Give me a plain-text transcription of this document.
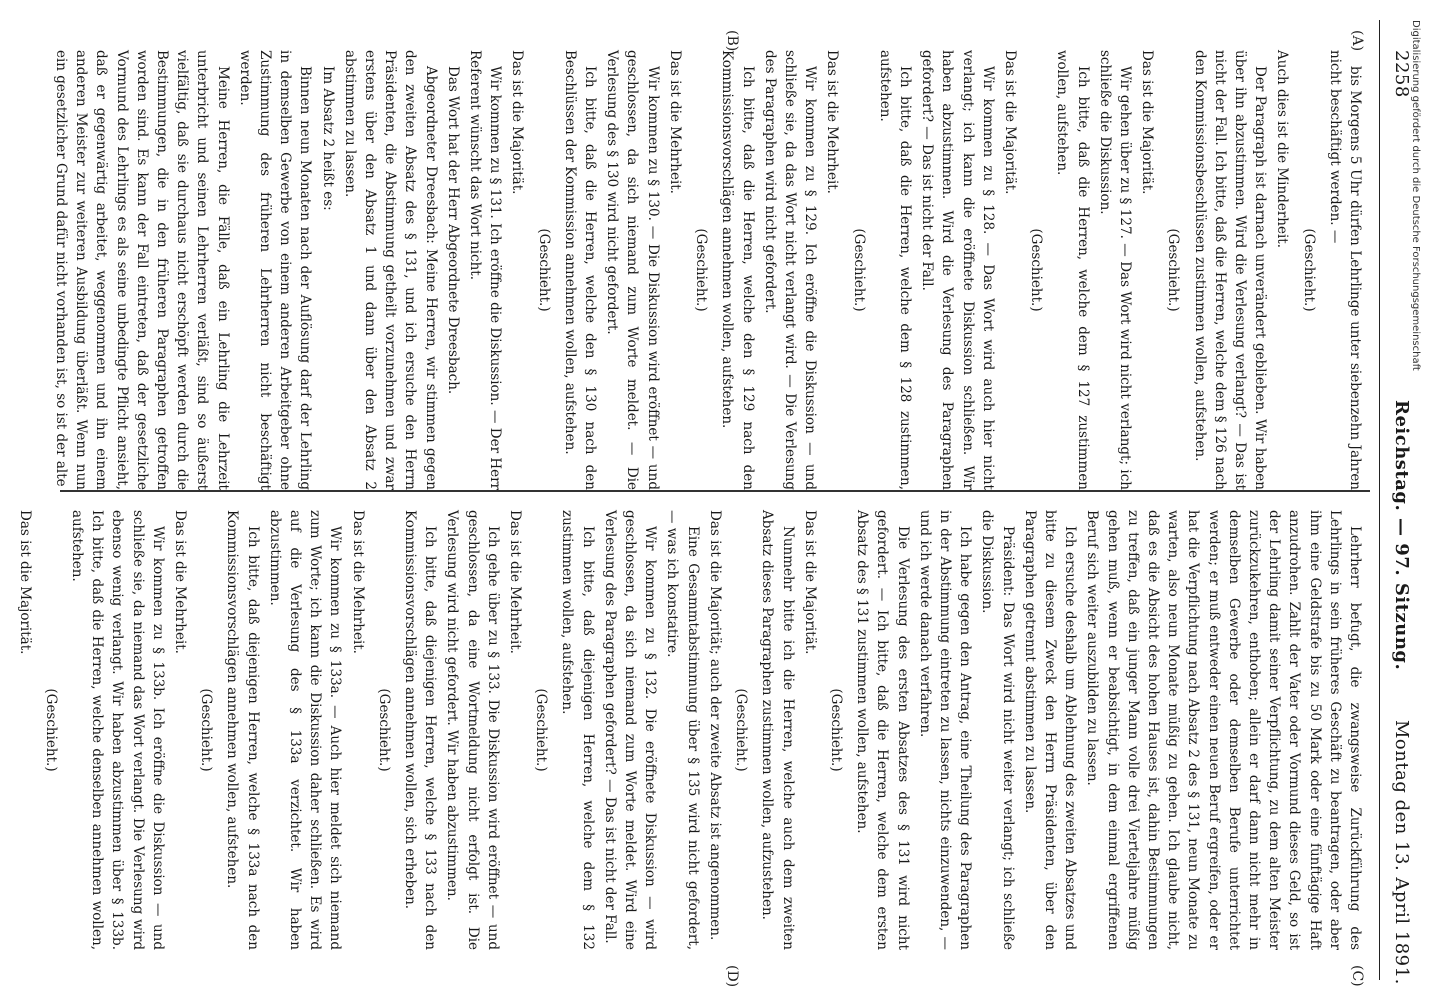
2258
Reichstag. — 97. Sitzung.
Montag den 13. April 1891.
(A)
(B)
(C)
(D)

bis Morgens 5 Uhr dürfen Lehrlinge unter siebenzehn Jahren nicht beschäftigt werden. —

(Geschieht.)

Auch dies ist die Minderheit.

Der Paragraph ist darnach unverändert geblieben. Wir haben über ihn abzustimmen. Wird die Verlesung verlangt? — Das ist nicht der Fall. Ich bitte, daß die Herren, welche dem § 126 nach den Kommissionsbeschlüssen zustimmen wollen, aufstehen.

(Geschieht.)

Das ist die Majorität.

Wir gehen über zu § 127. — Das Wort wird nicht verlangt; ich schließe die Diskussion.

Ich bitte, daß die Herren, welche dem § 127 zustimmen wollen, aufstehen.

(Geschieht.)

Das ist die Majorität.

Wir kommen zu § 128. — Das Wort wird auch hier nicht verlangt; ich kann die eröffnete Diskussion schließen. Wir haben abzustimmen. Wird die Verlesung des Paragraphen gefordert? — Das ist nicht der Fall.

Ich bitte, daß die Herren, welche dem § 128 zustimmen, aufstehen.

(Geschieht.)

Das ist die Mehrheit.

Wir kommen zu § 129. Ich eröffne die Diskussion — und schließe sie, da das Wort nicht verlangt wird. — Die Verlesung des Paragraphen wird nicht gefordert.

Ich bitte, daß die Herren, welche den § 129 nach den Kommissionsvorschlägen annehmen wollen, aufstehen.

(Geschieht.)

Das ist die Mehrheit.

Wir kommen zu § 130. — Die Diskussion wird eröffnet — und geschlossen, da sich niemand zum Worte meldet. — Die Verlesung des § 130 wird nicht gefordert.

Ich bitte, daß die Herren, welche den § 130 nach den Beschlüssen der Kommission annehmen wollen, aufstehen.

(Geschieht.)

Das ist die Majorität.

Wir kommen zu § 131. Ich eröffne die Diskussion. — Der Herr Referent wünscht das Wort nicht.

Das Wort hat der Herr Abgeordnete Dreesbach.

Abgeordneter Dreesbach: Meine Herren, wir stimmen gegen den zweiten Absatz des § 131, und ich ersuche den Herrn Präsidenten, die Abstimmung getheilt vorzunehmen und zwar erstens über den Absatz 1 und dann über den Absatz 2 abstimmen zu lassen.

Im Absatz 2 heißt es:

Binnen neun Monaten nach der Auflösung darf der Lehrling in demselben Gewerbe von einem anderen Arbeitgeber ohne Zustimmung des früheren Lehrherren nicht beschäftigt werden.

Meine Herren, die Fälle, daß ein Lehrling die Lehrzeit unterbricht und seinen Lehrherren verläßt, sind so äußerst vielfältig, daß sie durchaus nicht erschöpft werden durch die Bestimmungen, die in den früheren Paragraphen getroffen worden sind. Es kann der Fall eintreten, daß der gesetzliche Vormund des Lehrlings es als seine unbedingte Pflicht ansieht, daß er gegenwärtig arbeitet, weggenommen und ihn einem anderen Meister zur weiteren Ausbildung überläßt. Wenn nun ein gesetzlicher Grund dafür nicht vorhanden ist, so ist der alte

Lehrherr befugt, die zwangsweise Zurückführung des Lehrlings in sein früheres Geschäft zu beantragen, oder aber ihm eine Geldstrafe bis zu 50 Mark oder eine fünftägige Haft anzudrohen. Zahlt der Vater oder Vormund dieses Geld, so ist der Lehrling damit seiner Verpflichtung, zu dem alten Meister zurückzukehren, enthoben; allein er darf dann nicht mehr in demselben Gewerbe oder demselben Berufe unterrichtet werden; er muß entweder einen neuen Beruf ergreifen, oder er hat die Verpflichtung nach Absatz 2 des § 131, neun Monate zu warten, also neun Monate müßig zu gehen. Ich glaube nicht, daß es die Absicht des hohen Hauses ist, dahin Bestimmungen zu treffen, daß ein junger Mann volle drei Vierteljahre müßig gehen muß, wenn er beabsichtigt, in dem einmal ergriffenen Beruf sich weiter auszubilden zu lassen.

Ich ersuche deshalb um Ablehnung des zweiten Absatzes und bitte zu diesem Zweck den Herrn Präsidenten, über den Paragraphen getrennt abstimmen zu lassen.

Präsident: Das Wort wird nicht weiter verlangt; ich schließe die Diskussion.

Ich habe gegen den Antrag, eine Theilung des Paragraphen in der Abstimmung eintreten zu lassen, nichts einzuwenden, — und ich werde danach verfahren.

Die Verlesung des ersten Absatzes des § 131 wird nicht gefordert. — Ich bitte, daß die Herren, welche dem ersten Absatz des § 131 zustimmen wollen, aufstehen.

(Geschieht.)

Das ist die Majorität.

Nunmehr bitte ich die Herren, welche auch dem zweiten Absatz dieses Paragraphen zustimmen wollen, aufzustehen.

(Geschieht.)

Das ist die Majorität; auch der zweite Absatz ist angenommen.

Eine Gesammtabstimmung über § 135 wird nicht gefordert, — was ich konstatire.

Wir kommen zu § 132. Die eröffnete Diskussion — wird geschlossen, da sich niemand zum Worte meldet. Wird eine Verlesung des Paragraphen gefordert? — Das ist nicht der Fall.

Ich bitte, daß diejenigen Herren, welche dem § 132 zustimmen wollen, aufstehen.

(Geschieht.)

Das ist die Mehrheit.

Ich gehe über zu § 133. Die Diskussion wird eröffnet — und geschlossen, da eine Wortmeldung nicht erfolgt ist. Die Verlesung wird nicht gefordert. Wir haben abzustimmen.

Ich bitte, daß diejenigen Herren, welche § 133 nach den Kommissionsvorschlägen annehmen wollen, sich erheben.

(Geschieht.)

Das ist die Mehrheit.

Wir kommen zu § 133a. — Auch hier meldet sich niemand zum Worte; ich kann die Diskussion daher schließen. Es wird auf die Verlesung des § 133a verzichtet. Wir haben abzustimmen.

Ich bitte, daß diejenigen Herren, welche § 133a nach den Kommissionsvorschlägen annehmen wollen, aufstehen.

(Geschieht.)

Das ist die Mehrheit.

Wir kommen zu § 133b. Ich eröffne die Diskussion — und schließe sie, da niemand das Wort verlangt. Die Verlesung wird ebenso wenig verlangt. Wir haben abzustimmen über § 133b. Ich bitte, daß die Herren, welche denselben annehmen wollen, aufstehen.

(Geschieht.)

Das ist die Majorität.

Digitalisierung gefördert durch die Deutsche Forschungsgemeinschaft
